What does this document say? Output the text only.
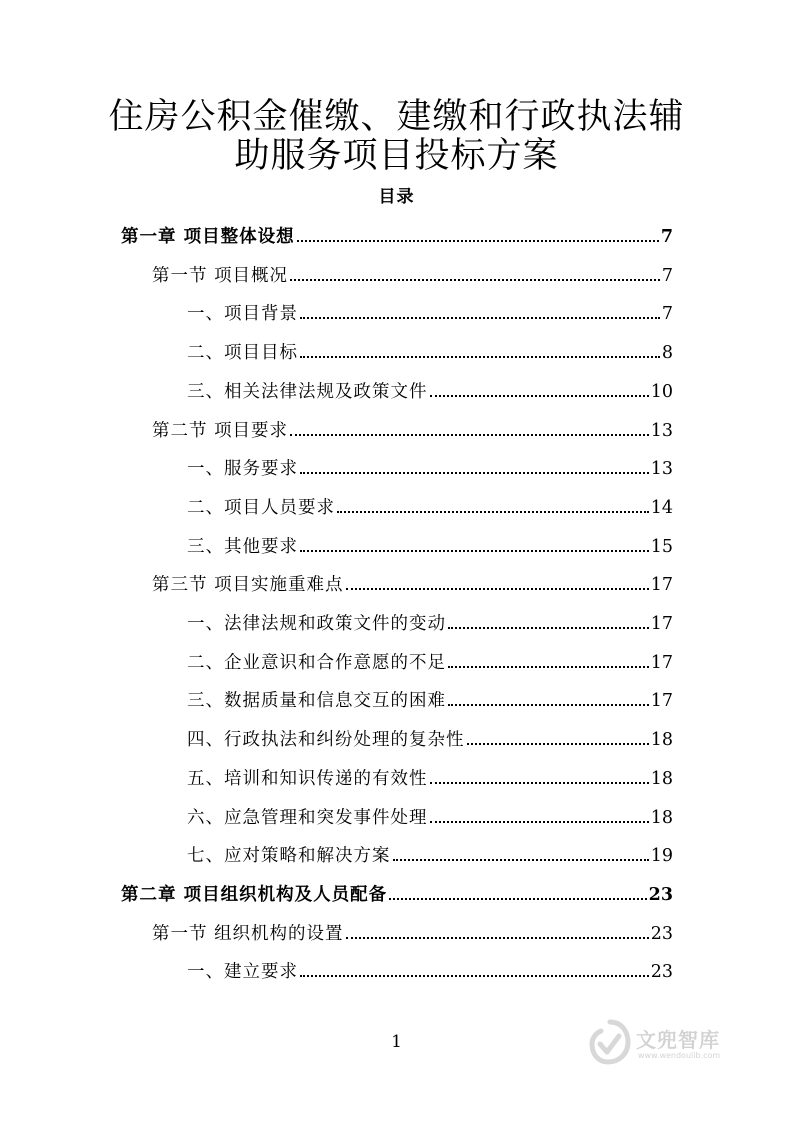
住房公积金催缴、建缴和行政执法辅
助服务项目投标方案
目录
第一章 项目整体设想	7
第一节 项目概况	7
一、项目背景	7
二、项目目标	8
三、相关法律法规及政策文件	10
第二节 项目要求	13
一、服务要求	13
二、项目人员要求	14
三、其他要求	15
第三节 项目实施重难点	17
一、法律法规和政策文件的变动	17
二、企业意识和合作意愿的不足	17
三、数据质量和信息交互的困难	17
四、行政执法和纠纷处理的复杂性	18
五、培训和知识传递的有效性	18
六、应急管理和突发事件处理	18
七、应对策略和解决方案	19
第二章 项目组织机构及人员配备	23
第一节 组织机构的设置	23
一、建立要求	23
1	文兜智库
www.wendoulib.com
